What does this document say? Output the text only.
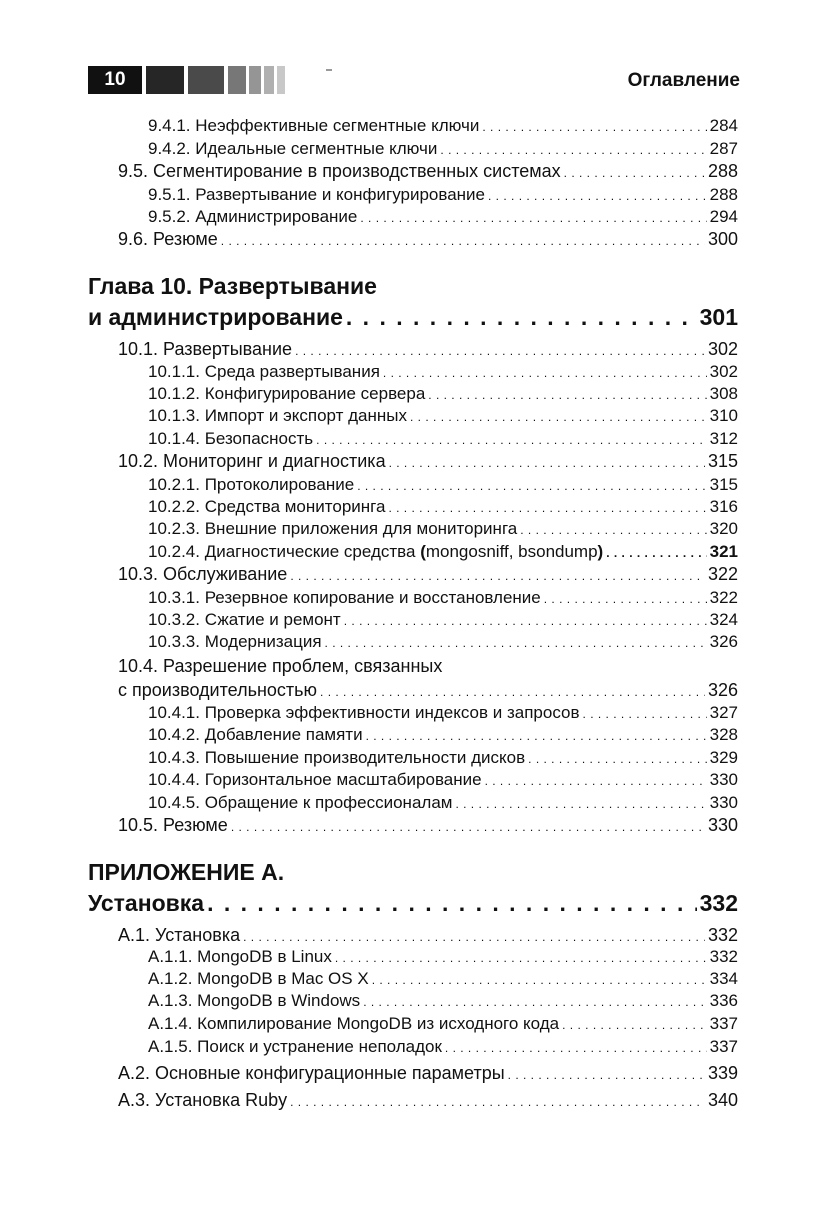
10	Оглавление
9.4.1. Неэффективные сегментные ключи . . .	284
9.4.2. Идеальные сегментные ключи . . .	287
9.5. Сегментирование в производственных системах . . .	288
9.5.1. Развертывание и конфигурирование . . .	288
9.5.2. Администрирование . . .	294
9.6. Резюме . . .	300
Глава 10. Развертывание
и администрирование . . .	301
10.1. Развертывание . . .	302
10.1.1. Среда развертывания . . .	302
10.1.2. Конфигурирование сервера . . .	308
10.1.3. Импорт и экспорт данных . . .	310
10.1.4. Безопасность . . .	312
10.2. Мониторинг и диагностика . . .	315
10.2.1. Протоколирование . . .	315
10.2.2. Средства мониторинга . . .	316
10.2.3. Внешние приложения для мониторинга . . .	320
10.2.4. Диагностические средства (mongosniff, bsondump) . . .	321
10.3. Обслуживание . . .	322
10.3.1. Резервное копирование и восстановление . . .	322
10.3.2. Сжатие и ремонт . . .	324
10.3.3. Модернизация . . .	326
10.4. Разрешение проблем, связанных
с производительностью . . .	326
10.4.1. Проверка эффективности индексов и запросов . . .	327
10.4.2. Добавление памяти . . .	328
10.4.3. Повышение производительности дисков . . .	329
10.4.4. Горизонтальное масштабирование . . .	330
10.4.5. Обращение к профессионалам . . .	330
10.5. Резюме . . .	330
ПРИЛОЖЕНИЕ А.
Установка . . .	332
А.1. Установка . . .	332
А.1.1. MongoDB в Linux . . .	332
А.1.2. MongoDB в Mac OS X . . .	334
А.1.3. MongoDB в Windows . . .	336
А.1.4. Компилирование MongoDB из исходного кода . . .	337
А.1.5. Поиск и устранение неполадок . . .	337
А.2. Основные конфигурационные параметры . . .	339
А.3. Установка Ruby . . .	340
